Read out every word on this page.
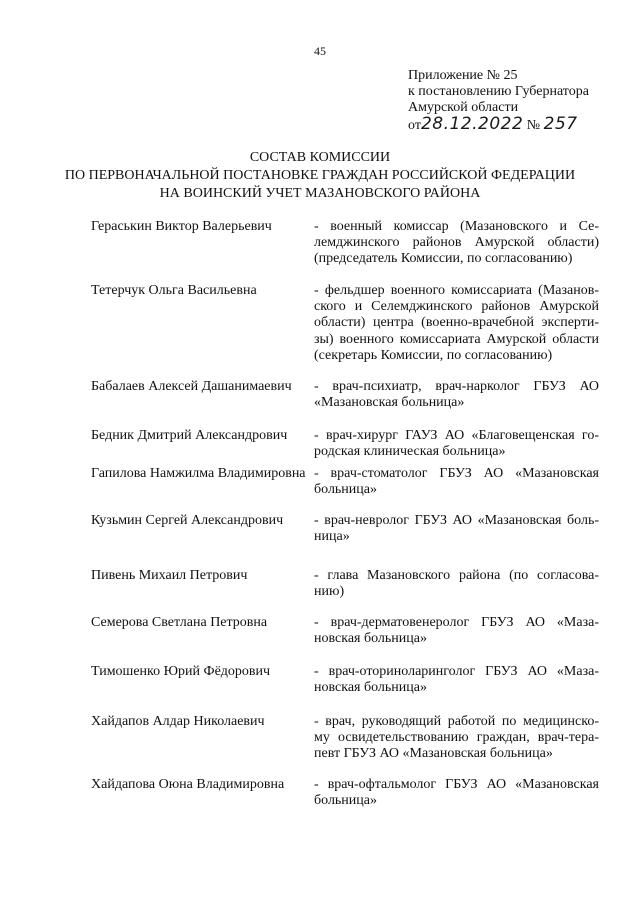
45
Приложение № 25
к постановлению Губернатора
Амурской области
от28.12.2022 № 257
СОСТАВ КОМИССИИ
ПО ПЕРВОНАЧАЛЬНОЙ ПОСТАНОВКЕ ГРАЖДАН РОССИЙСКОЙ ФЕДЕРАЦИИ
НА ВОИНСКИЙ УЧЕТ МАЗАНОВСКОГО РАЙОНА
Гераськин Виктор Валерьевич	- военный комиссар (Мазановского и Се-
лемджинского районов Амурской области)
(председатель Комиссии, по согласованию)
Тетерчук Ольга Васильевна	- фельдшер военного комиссариата (Мазанов-
ского и Селемджинского районов Амурской
области) центра (военно-врачебной эксперти-
зы) военного комиссариата Амурской области
(секретарь Комиссии, по согласованию)
Бабалаев Алексей Дашанимаевич - врач-психиатр, врач-нарколог ГБУЗ АО
«Мазановская больница»
Бедник Дмитрий Александрович - врач-хирург ГАУЗ АО «Благовещенская го-
родская клиническая больница»
Гапилова Намжилма Владимировна - врач-стоматолог ГБУЗ АО «Мазановская
больница»
Кузьмин Сергей Александрович - врач-невролог ГБУЗ АО «Мазановская боль-
ница»
Пивень Михаил Петрович	- глава Мазановского района (по согласова-
нию)
Семерова Светлана Петровна	- врач-дерматовенеролог ГБУЗ АО «Маза-
новская больница»
Тимошенко Юрий Фёдорович	- врач-оториноларинголог ГБУЗ АО «Маза-
новская больница»
Хайдапов Алдар Николаевич	- врач, руководящий работой по медицинско-
му освидетельствованию граждан, врач-тера-
певт ГБУЗ АО «Мазановская больница»
Хайдапова Оюна Владимировна - врач-офтальмолог ГБУЗ АО «Мазановская
больница»
